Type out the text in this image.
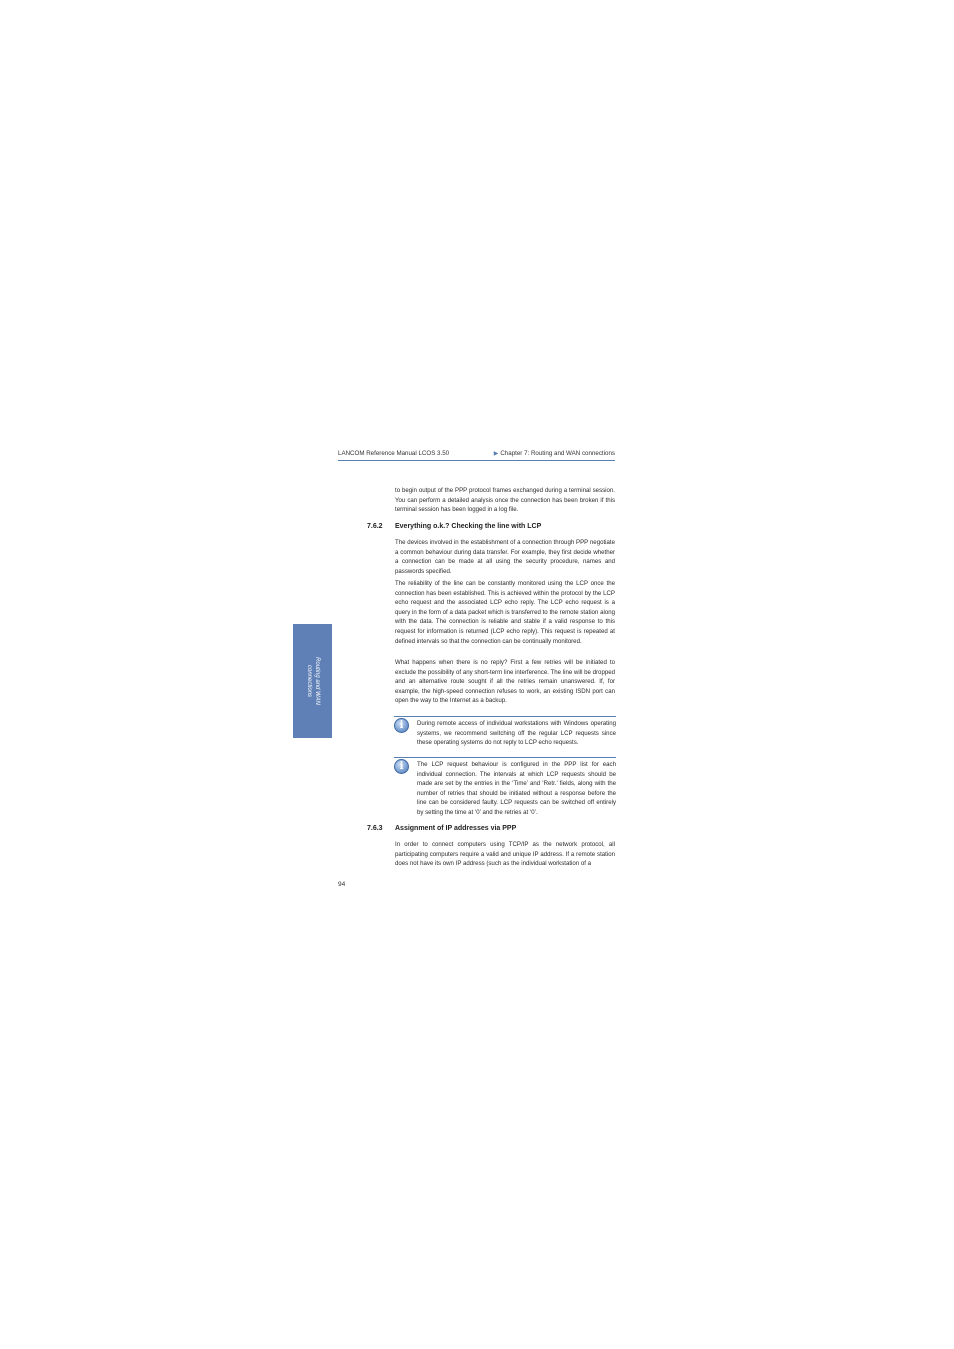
LANCOM Reference Manual LCOS 3.50	▶ Chapter 7: Routing and WAN connections
Routing and WAN
connections
to begin output of the PPP protocol frames exchanged during a terminal session. You can perform a detailed analysis once the connection has been broken if this terminal session has been logged in a log file.
7.6.2 Everything o.k.? Checking the line with LCP
The devices involved in the establishment of a connection through PPP negotiate a common behaviour during data transfer. For example, they first decide whether a connection can be made at all using the security procedure, names and passwords specified.
The reliability of the line can be constantly monitored using the LCP once the connection has been established. This is achieved within the protocol by the LCP echo request and the associated LCP echo reply. The LCP echo request is a query in the form of a data packet which is transferred to the remote station along with the data. The connection is reliable and stable if a valid response to this request for information is returned (LCP echo reply). This request is repeated at defined intervals so that the connection can be continually monitored.
What happens when there is no reply? First a few retries will be initiated to exclude the possibility of any short-term line interference. The line will be dropped and an alternative route sought if all the retries remain unanswered. If, for example, the high-speed connection refuses to work, an existing ISDN port can open the way to the Internet as a backup.
i	During remote access of individual workstations with Windows operating systems, we recommend switching off the regular LCP requests since these operating systems do not reply to LCP echo requests.
i	The LCP request behaviour is configured in the PPP list for each individual connection. The intervals at which LCP requests should be made are set by the entries in the ‘Time’ and ‘Retr.’ fields, along with the number of retries that should be initiated without a response before the line can be considered faulty. LCP requests can be switched off entirely by setting the time at ‘0’ and the retries at ‘0’.
7.6.3 Assignment of IP addresses via PPP
In order to connect computers using TCP/IP as the network protocol, all participating computers require a valid and unique IP address. If a remote station does not have its own IP address (such as the individual workstation of a
94
